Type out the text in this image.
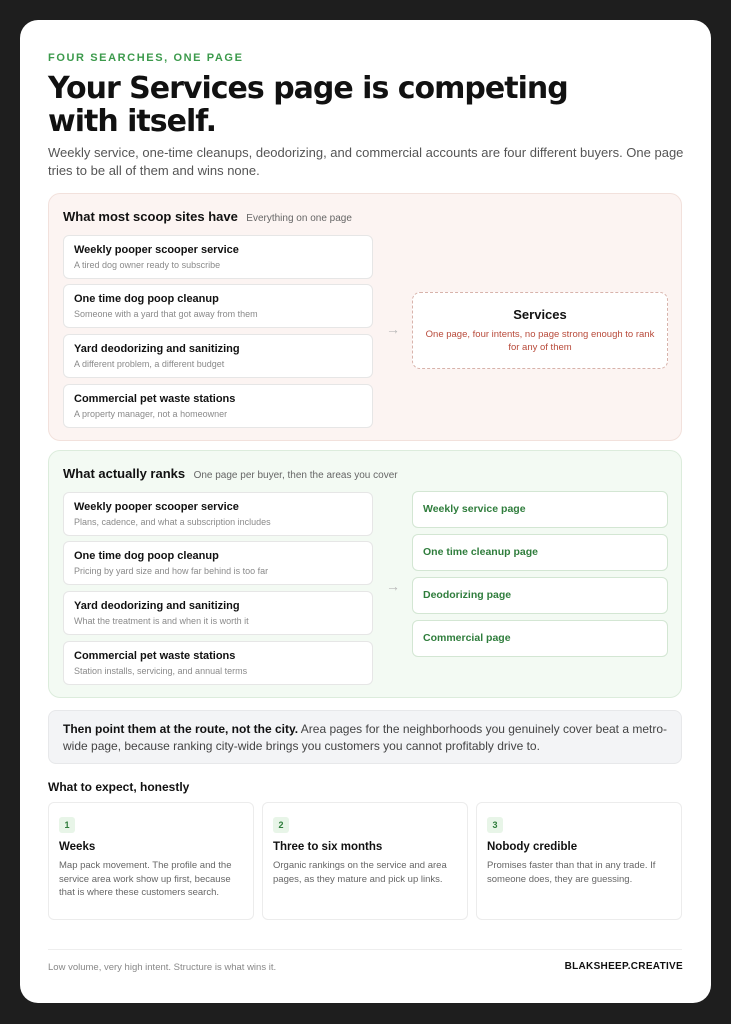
FOUR SEARCHES, ONE PAGE
Your Services page is competing with itself.
Weekly service, one-time cleanups, deodorizing, and commercial accounts are four different buyers. One page tries to be all of them and wins none.
What most scoop sites have Everything on one page
Weekly pooper scooper service
A tired dog owner ready to subscribe
One time dog poop cleanup
Someone with a yard that got away from them
Yard deodorizing and sanitizing
A different problem, a different budget
Commercial pet waste stations
A property manager, not a homeowner
→
Services
One page, four intents, no page strong enough to rank for any of them
What actually ranks One page per buyer, then the areas you cover
Weekly pooper scooper service
Plans, cadence, and what a subscription includes
One time dog poop cleanup
Pricing by yard size and how far behind is too far
Yard deodorizing and sanitizing
What the treatment is and when it is worth it
Commercial pet waste stations
Station installs, servicing, and annual terms
→
Weekly service page
One time cleanup page
Deodorizing page
Commercial page
Then point them at the route, not the city. Area pages for the neighborhoods you genuinely cover beat a metro-wide page, because ranking city-wide brings you customers you cannot profitably drive to.
What to expect, honestly
1
Weeks
Map pack movement. The profile and the service area work show up first, because that is where these customers search.
2
Three to six months
Organic rankings on the service and area pages, as they mature and pick up links.
3
Nobody credible
Promises faster than that in any trade. If someone does, they are guessing.
Low volume, very high intent. Structure is what wins it.	BLAKSHEEP.CREATIVE
